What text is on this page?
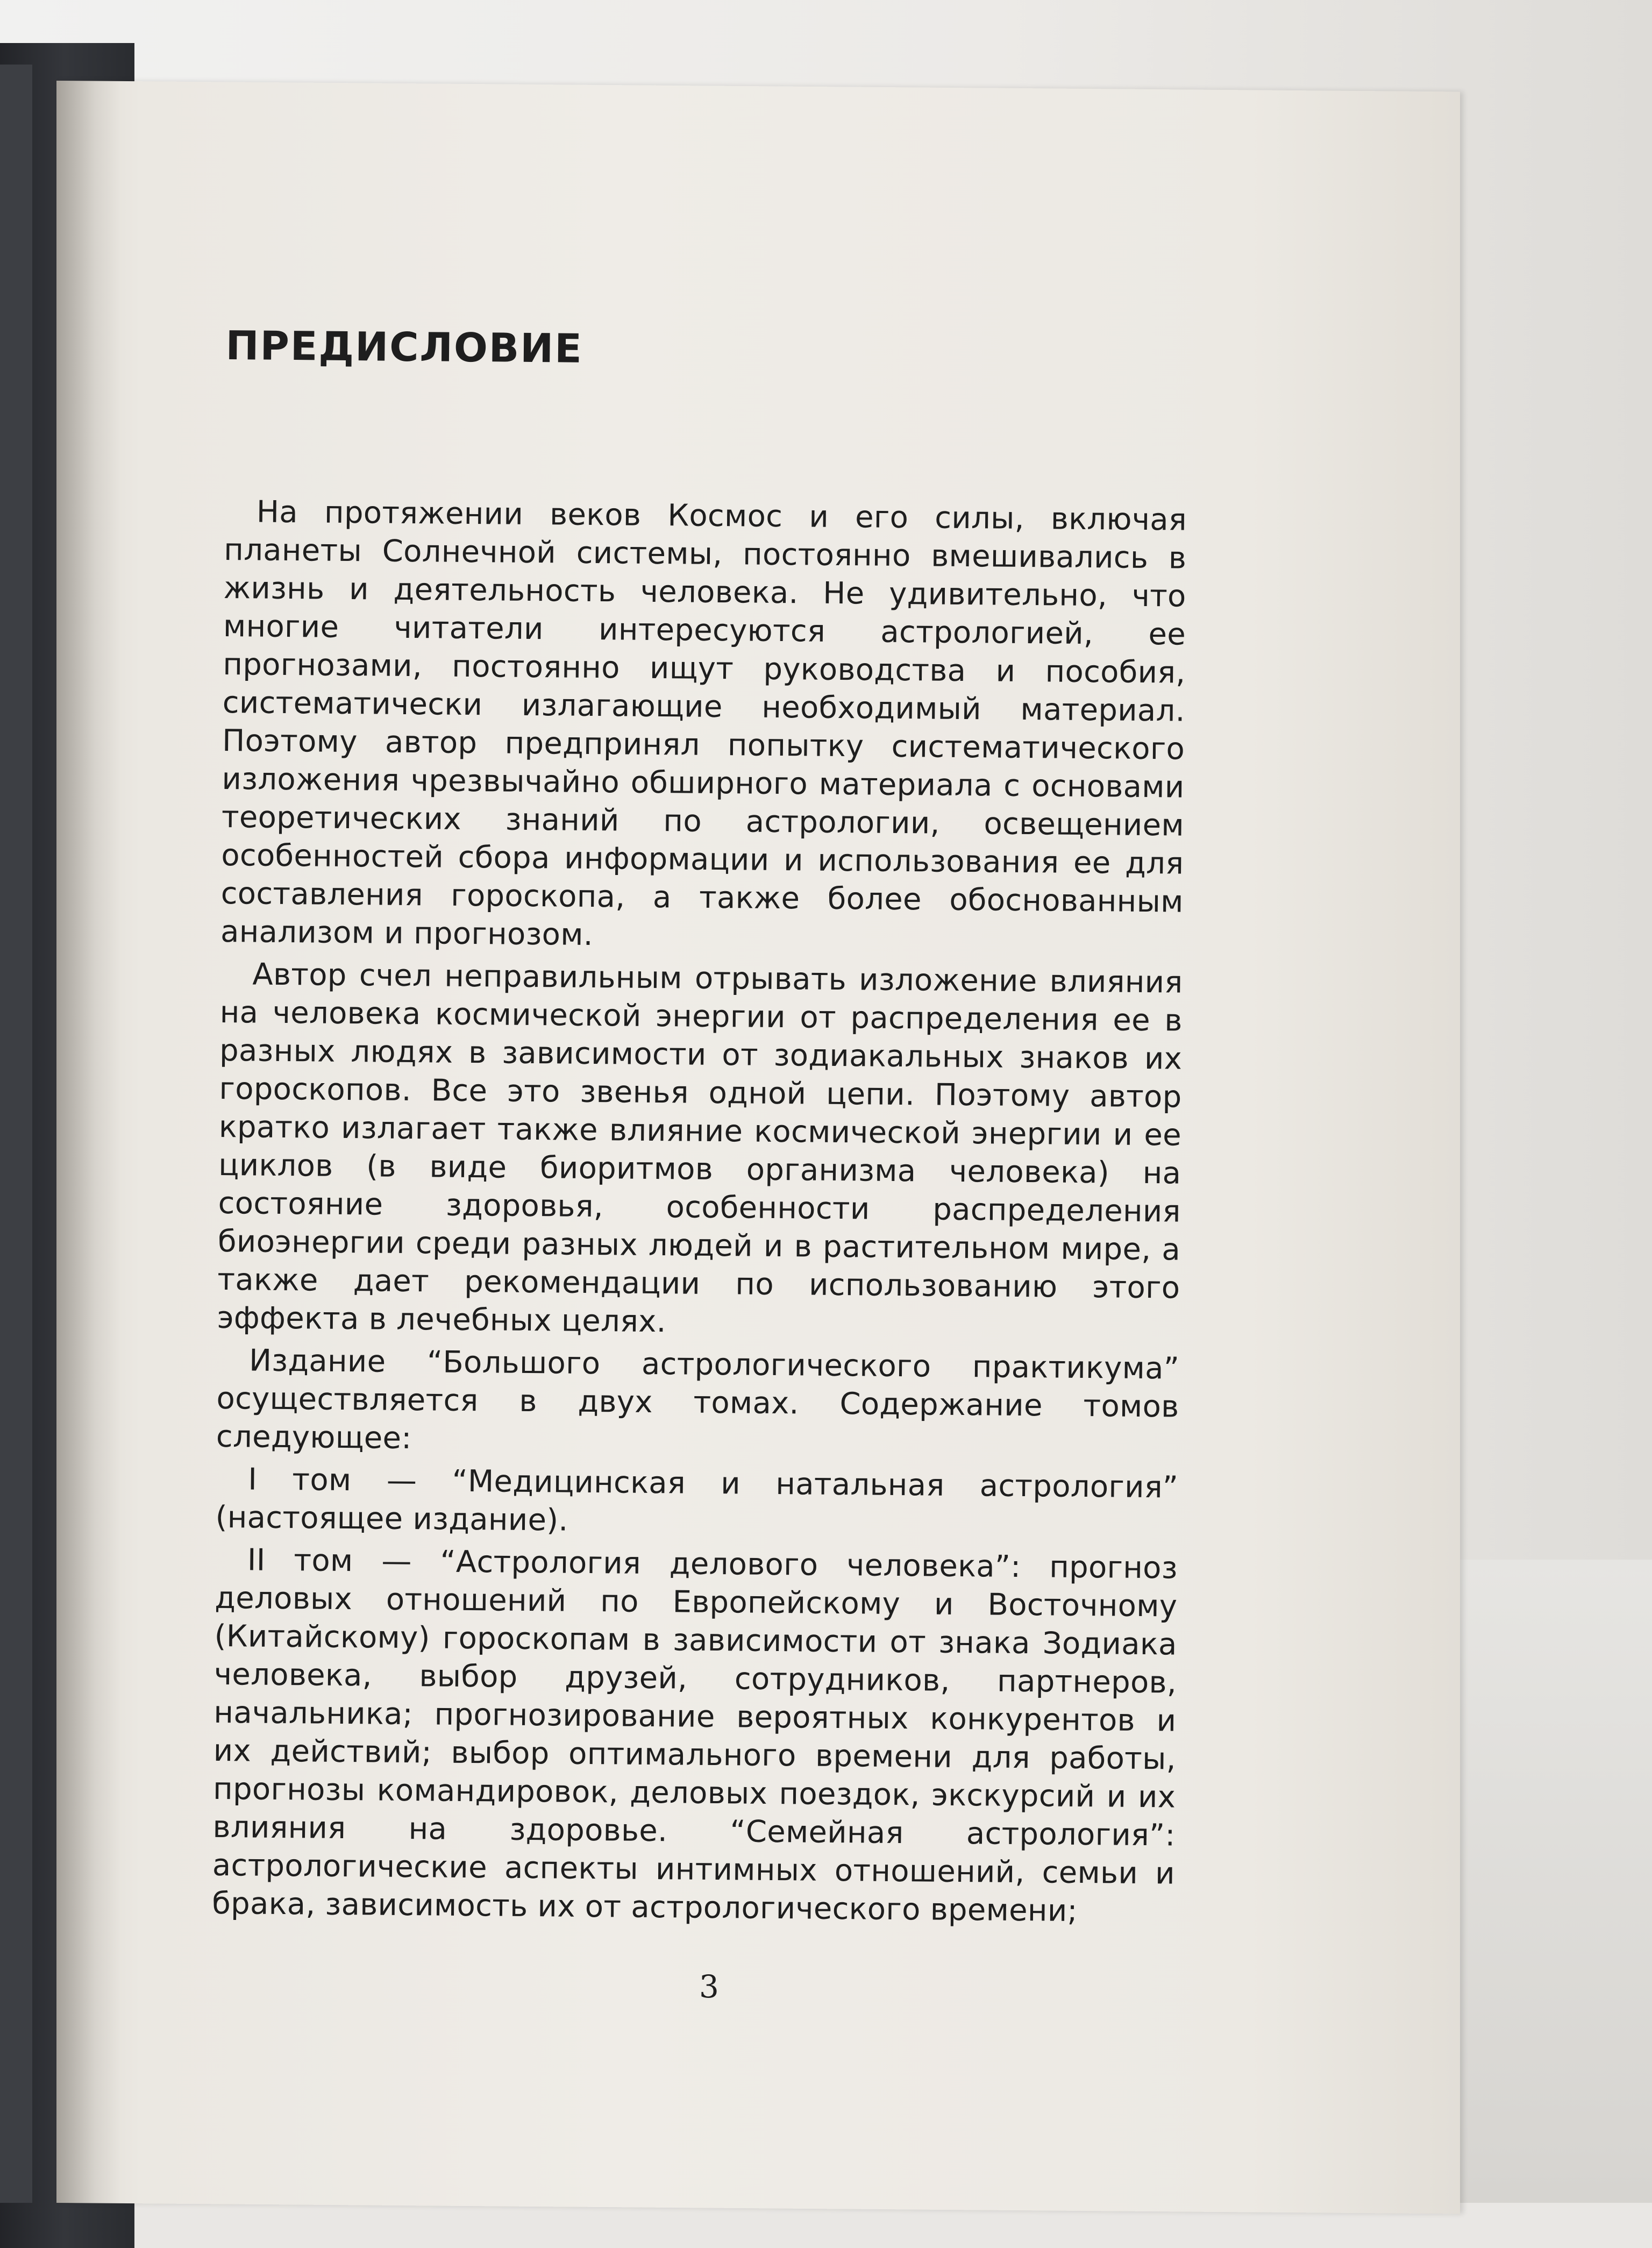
ПРЕДИСЛОВИЕ

На протяжении веков Космос и его силы, включая планеты Солнечной системы, постоянно вмешивались в жизнь и деятельность человека. Не удивительно, что многие читатели интересуются астрологией, ее прогнозами, постоянно ищут руководства и пособия, систематически излагающие необходимый материал. Поэтому автор предпринял попытку систематического изложения чрезвычайно обширного материала с основами теоретических знаний по астрологии, освещением особенностей сбора информации и использования ее для составления гороскопа, а также более обоснованным анализом и прогнозом.

Автор счел неправильным отрывать изложение влияния на человека космической энергии от распределения ее в разных людях в зависимости от зодиакальных знаков их гороскопов. Все это звенья одной цепи. Поэтому автор кратко излагает также влияние космической энергии и ее циклов (в виде биоритмов организма человека) на состояние здоровья, особенности распределения биоэнергии среди разных людей и в растительном мире, а также дает рекомендации по использованию этого эффекта в лечебных целях.

Издание “Большого астрологического практикума” осуществляется в двух томах. Содержание томов следующее:

I том — “Медицинская и натальная астрология” (настоящее издание).

II том — “Астрология делового человека”: прогноз деловых отношений по Европейскому и Восточному (Китайскому) гороскопам в зависимости от знака Зодиака человека, выбор друзей, сотрудников, партнеров, начальника; прогнозирование вероятных конкурентов и их действий; выбор оптимального времени для работы, прогнозы командировок, деловых поездок, экскурсий и их влияния на здоровье. “Семейная астрология”: астрологические аспекты интимных отношений, семьи и брака, зависимость их от астрологического времени;

3
